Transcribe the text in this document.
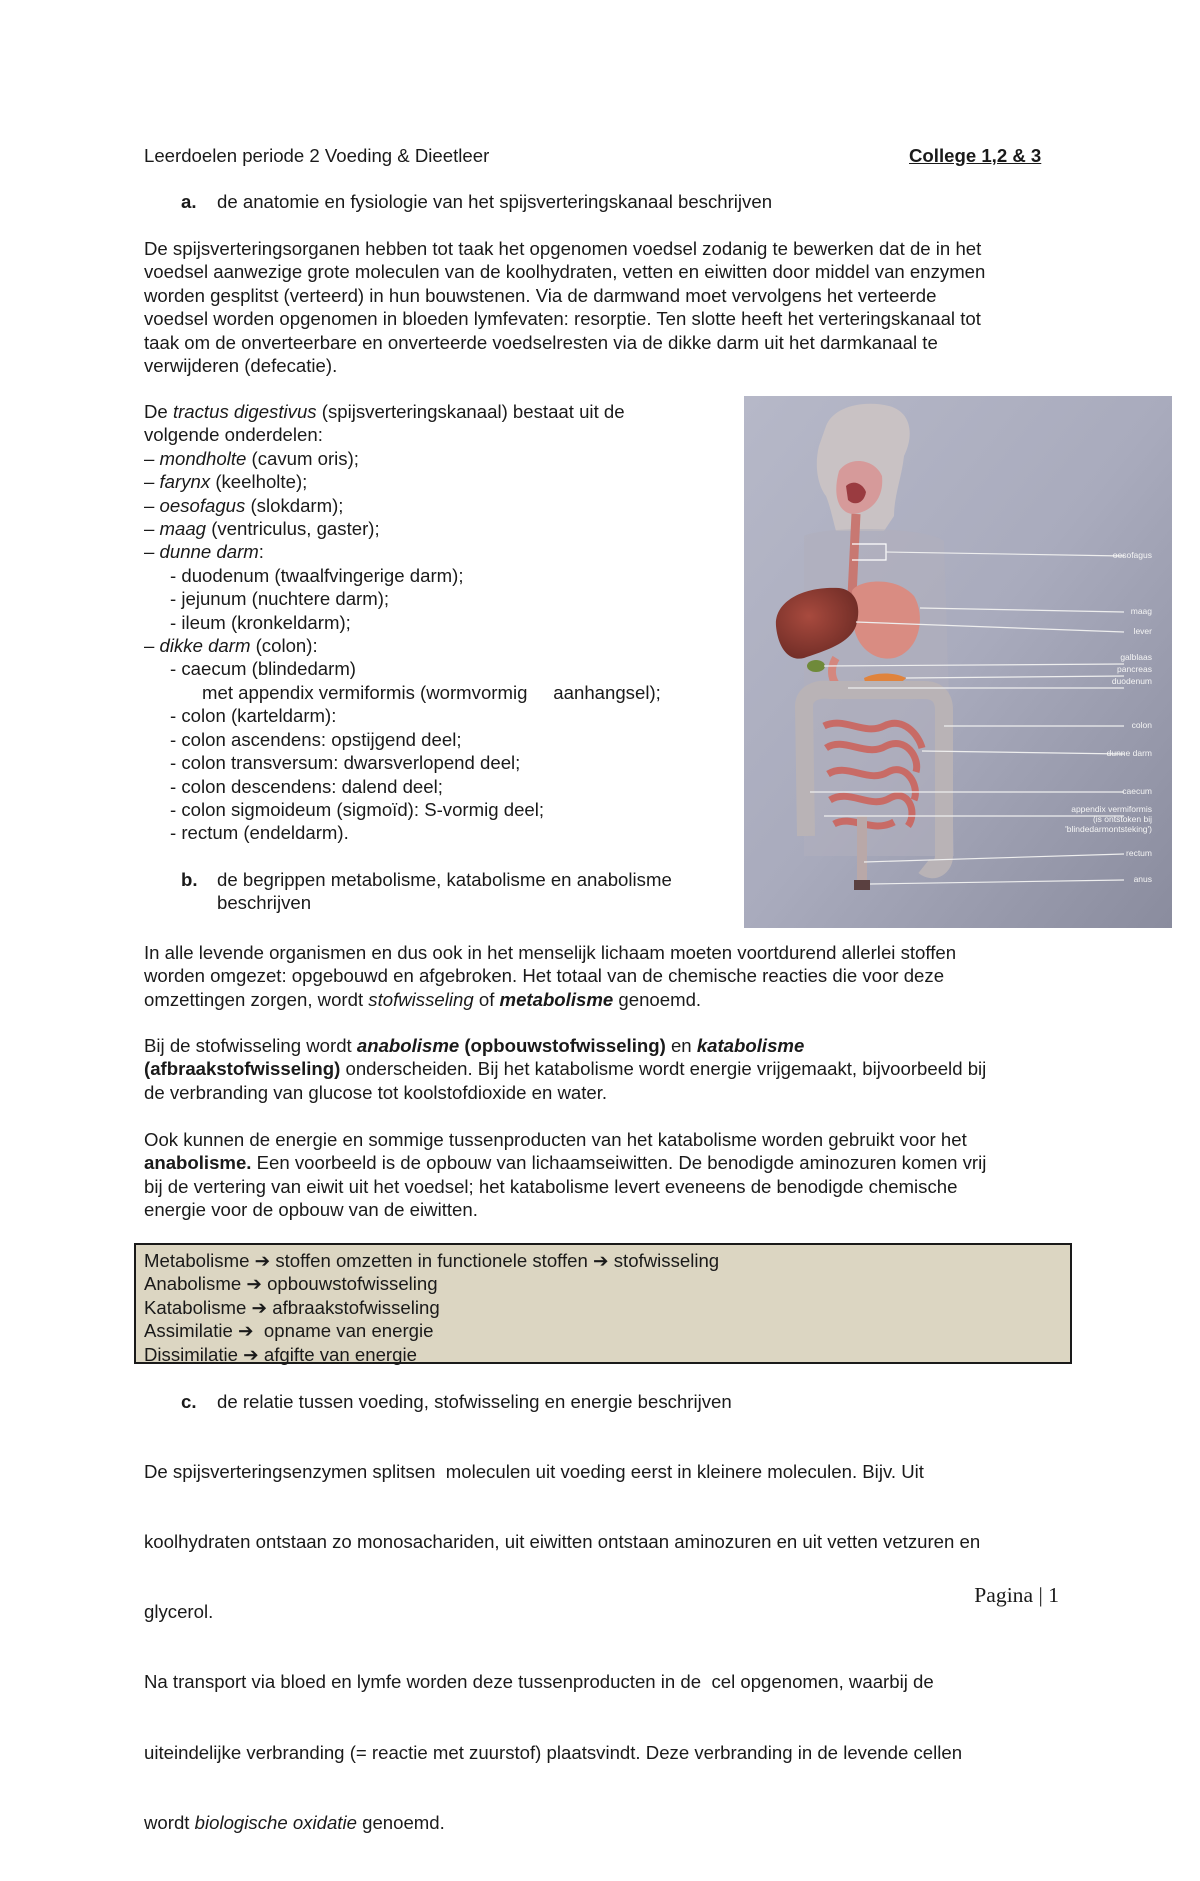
Leerdoelen periode 2 Voeding & Dieetleer	College 1,2 & 3
a. de anatomie en fysiologie van het spijsverteringskanaal beschrijven
De spijsverteringsorganen hebben tot taak het opgenomen voedsel zodanig te bewerken dat de in het
voedsel aanwezige grote moleculen van de koolhydraten, vetten en eiwitten door middel van enzymen
worden gesplitst (verteerd) in hun bouwstenen. Via de darmwand moet vervolgens het verteerde
voedsel worden opgenomen in bloeden lymfevaten: resorptie. Ten slotte heeft het verteringskanaal tot
taak om de onverteerbare en onverteerde voedselresten via de dikke darm uit het darmkanaal te
verwijderen (defecatie).
De tractus digestivus (spijsverteringskanaal) bestaat uit de
volgende onderdelen:
– mondholte (cavum oris);
– farynx (keelholte);
– oesofagus (slokdarm);
– maag (ventriculus, gaster);
– dunne darm:
- duodenum (twaalfvingerige darm);
- jejunum (nuchtere darm);
- ileum (kronkeldarm);
– dikke darm (colon):
- caecum (blindedarm)
met appendix vermiformis (wormvormig     aanhangsel);
- colon (karteldarm):
- colon ascendens: opstijgend deel;
- colon transversum: dwarsverlopend deel;
- colon descendens: dalend deel;
- colon sigmoideum (sigmoïd): S-vormig deel;
- rectum (endeldarm).
b. de begrippen metabolisme, katabolisme en anabolisme
beschrijven
oesofagus
maag
lever
galblaas
pancreas
duodenum
colon
dunne darm
caecum
appendix vermiformis
(is ontstoken bij
'blindedarmontsteking')
rectum
anus
In alle levende organismen en dus ook in het menselijk lichaam moeten voortdurend allerlei stoffen
worden omgezet: opgebouwd en afgebroken. Het totaal van de chemische reacties die voor deze
omzettingen zorgen, wordt stofwisseling of metabolisme genoemd.
Bij de stofwisseling wordt anabolisme (opbouwstofwisseling) en katabolisme
(afbraakstofwisseling) onderscheiden. Bij het katabolisme wordt energie vrijgemaakt, bijvoorbeeld bij
de verbranding van glucose tot koolstofdioxide en water.
Ook kunnen de energie en sommige tussenproducten van het katabolisme worden gebruikt voor het
anabolisme. Een voorbeeld is de opbouw van lichaamseiwitten. De benodigde aminozuren komen vrij
bij de vertering van eiwit uit het voedsel; het katabolisme levert eveneens de benodigde chemische
energie voor de opbouw van de eiwitten.
Metabolisme ➔ stoffen omzetten in functionele stoffen ➔ stofwisseling
Anabolisme ➔ opbouwstofwisseling
Katabolisme ➔ afbraakstofwisseling
Assimilatie ➔  opname van energie
Dissimilatie ➔ afgifte van energie
c. de relatie tussen voeding, stofwisseling en energie beschrijven

De spijsverteringsenzymen splitsen  moleculen uit voeding eerst in kleinere moleculen. Bijv. Uit

koolhydraten ontstaan zo monosachariden, uit eiwitten ontstaan aminozuren en uit vetten vetzuren en

glycerol.

Na transport via bloed en lymfe worden deze tussenproducten in de  cel opgenomen, waarbij de

uiteindelijke verbranding (= reactie met zuurstof) plaatsvindt. Deze verbranding in de levende cellen

wordt biologische oxidatie genoemd.

Pagina | 1
